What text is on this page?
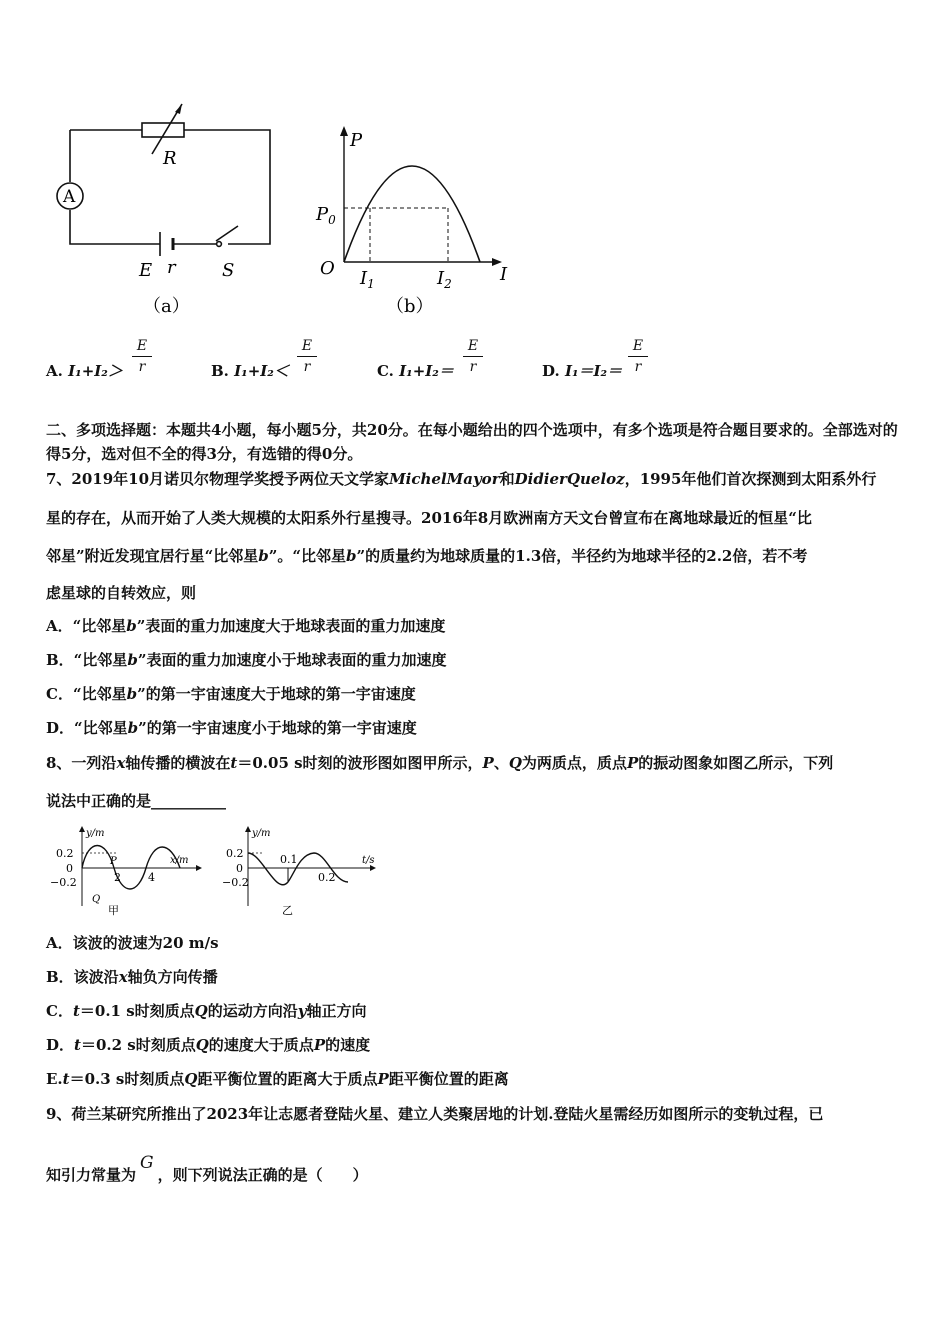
R
A
E r	S
（a）
P
$P_0$
O $I_1$	$I_2$	I
（b）
A. $I_1+I_2> \frac{E}{r}$	B. $I_1+I_2< \frac{E}{r}$	C. $I_1+I_2= \frac{E}{r}$	D. $I_1=I_2= \frac{E}{r}$
二、多项选择题：本题共4小题，每小题5分，共20分。在每小题给出的四个选项中，有多个选项是符合题目要求的。全部选对的得5分，选对但不全的得3分，有选错的得0分。
7、2019年10月诺贝尔物理学奖授予两位天文学家MichelMayor和DidierQueloz，1995年他们首次探测到太阳系外行
星的存在，从而开始了人类大规模的太阳系外行星搜寻。2016年8月欧洲南方天文台曾宣布在离地球最近的恒星“比
邻星”附近发现宜居行星“比邻星b”。“比邻星b”的质量约为地球质量的1.3倍，半径约为地球半径的2.2倍，若不考
虑星球的自转效应，则
A．“比邻星b”表面的重力加速度大于地球表面的重力加速度
B．“比邻星b”表面的重力加速度小于地球表面的重力加速度
C．“比邻星b”的第一宇宙速度大于地球的第一宇宙速度
D．“比邻星b”的第一宇宙速度小于地球的第一宇宙速度
8、一列沿x轴传播的横波在t＝0.05 s时刻的波形图如图甲所示，P、Q为两质点，质点P的振动图象如图乙所示，下列
说法中正确的是__________
y/m
x/m
0.2
0
−0.2
P
Q
2 4
甲
y/m
t/s
0.2
0
−0.2
0.1
0.2
乙
A．该波的波速为20 m/s
B．该波沿x轴负方向传播
C．t＝0.1 s时刻质点Q的运动方向沿y轴正方向
D．t＝0.2 s时刻质点Q的速度大于质点P的速度
E.t＝0.3 s时刻质点Q距平衡位置的距离大于质点P距平衡位置的距离
9、荷兰某研究所推出了2023年让志愿者登陆火星、建立人类聚居地的计划.登陆火星需经历如图所示的变轨过程，已
知引力常量为G，则下列说法正确的是（　　）
